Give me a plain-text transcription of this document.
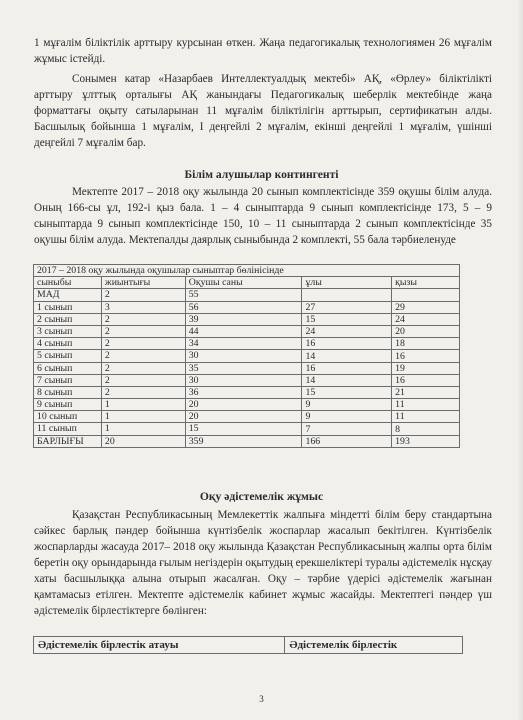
1 мұғалім біліктілік арттыру курсынан өткен. Жаңа педагогикалық технологиямен 26 мұғалім жұмыс істейді.

Сонымен катар «Назарбаев Интеллектуалдық мектебі» АҚ, «Өрлеу» біліктілікті арттыру ұлттық орталығы АҚ жанындағы Педагогикалық шеберлік мектебінде жаңа форматтағы оқыту сатыларынан 11 мұғалім біліктілігін арттырып, сертификатын алды. Басшылық бойынша 1 мұғалім, I деңгейлі 2 мұғалім, екінші деңгейлі 1 мұғалім, үшінші деңгейлі 7 мұғалім бар.

Білім алушылар контингенті

Мектепте 2017 – 2018 оқу жылында 20 сынып комплектісінде 359 оқушы білім алуда. Оның 166-сы ұл, 192-і қыз бала. 1 – 4 сыныптарда 9 сынып комплектісінде 173, 5 – 9 сыныптарда 9 сынып комплектісінде 150, 10 – 11 сыныптарда 2 сынып комплектісінде 35 оқушы білім алуда. Мектепалды даярлық сыныбында 2 комплекті, 55 бала тәрбиеленуде

2017 – 2018 оқу жылында оқушылар сыныптар бөлінісінде				
сыныбы	жиынтығы	Оқушы саны	ұлы	қызы
МАД	2	55		
1 сынып	3	56	27	29
2 сынып	2	39	15	24
3 сынып	2	44	24	20
4 сынып	2	34	16	18
5 сынып	2	30	14	16
6 сынып	2	35	16	19
7 сынып	2	30	14	16
8 сынып	2	36	15	21
9 сынып	1	20	9	11
10 сынып	1	20	9	11
11 сынып	1	15	7	8
БАРЛЫҒЫ	20	359	166	193

Оқу әдістемелік жұмыс

Қазақстан Республикасының Мемлекеттік жалпыға міндетті білім беру стандартына сәйкес барлық пәндер бойынша күнтізбелік жоспарлар жасалып бекітілген. Күнтізбелік жоспарларды жасауда 2017– 2018 оқу жылында Қазақстан Республикасының жалпы орта білім беретін оқу орындарында ғылым негіздерін оқытудың ерекшеліктері туралы әдістемелік нұсқау хаты басшылыққа алына отырып жасалған. Оқу – тәрбие үдерісі әдістемелік жағынан қамтамасыз етілген. Мектепте әдістемелік кабинет жұмыс жасайды. Мектептегі пәндер үш әдістемелік бірлестіктерге бөлінген:

Әдістемелік бірлестік атауы	Әдістемелік бірлестік
3
